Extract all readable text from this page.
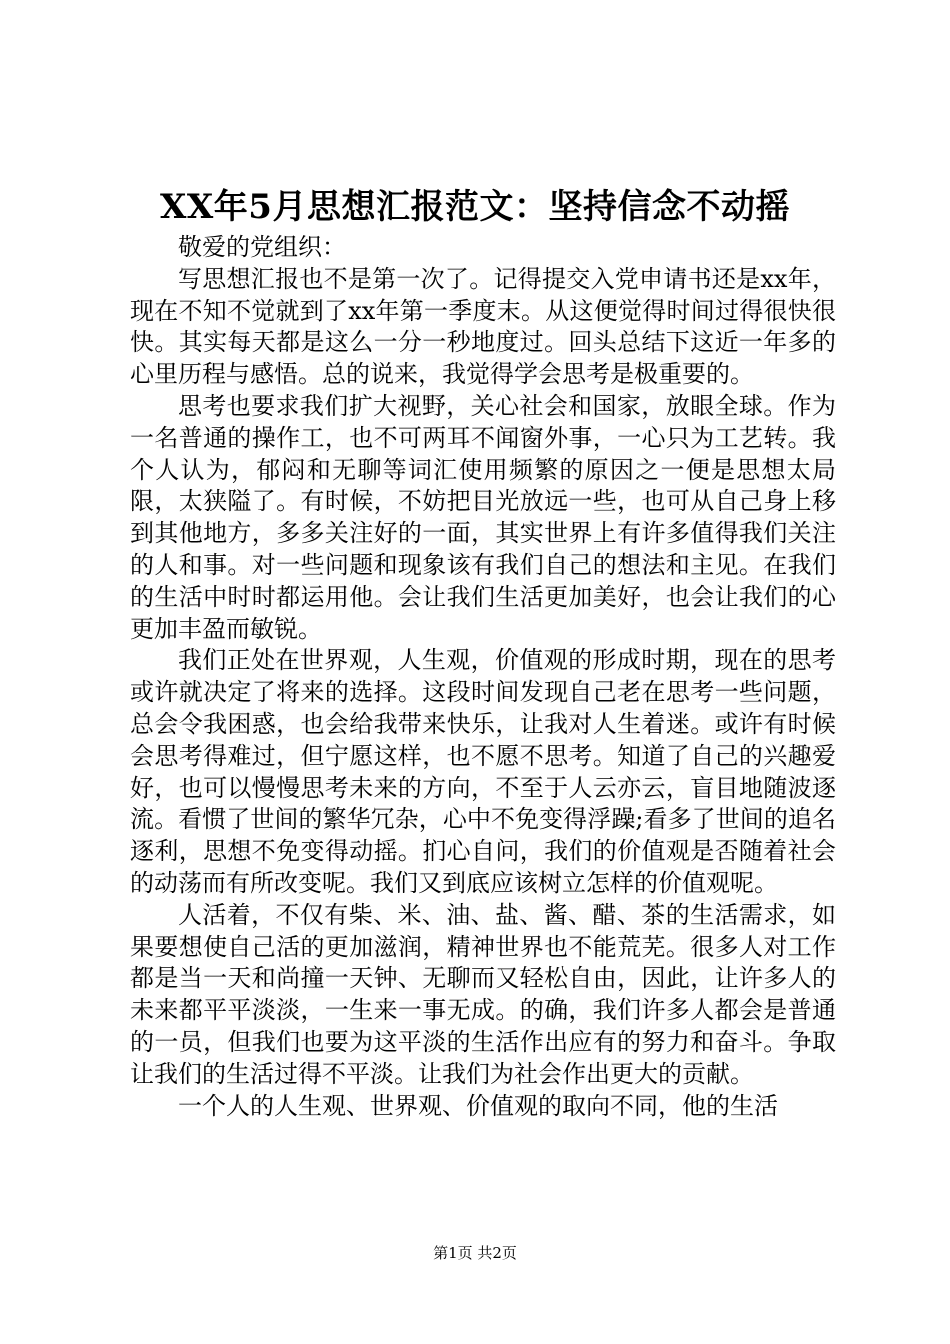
XX年5月思想汇报范文：坚持信念不动摇

敬爱的党组织：

写思想汇报也不是第一次了。记得提交入党申请书还是xx年，现在不知不觉就到了xx年第一季度末。从这便觉得时间过得很快很快。其实每天都是这么一分一秒地度过。回头总结下这近一年多的心里历程与感悟。总的说来，我觉得学会思考是极重要的。

思考也要求我们扩大视野，关心社会和国家，放眼全球。作为一名普通的操作工，也不可两耳不闻窗外事，一心只为工艺转。我个人认为，郁闷和无聊等词汇使用频繁的原因之一便是思想太局限，太狭隘了。有时候，不妨把目光放远一些，也可从自己身上移到其他地方，多多关注好的一面，其实世界上有许多值得我们关注的人和事。对一些问题和现象该有我们自己的想法和主见。在我们的生活中时时都运用他。会让我们生活更加美好，也会让我们的心更加丰盈而敏锐。

我们正处在世界观，人生观，价值观的形成时期，现在的思考或许就决定了将来的选择。这段时间发现自己老在思考一些问题，总会令我困惑，也会给我带来快乐，让我对人生着迷。或许有时候会思考得难过，但宁愿这样，也不愿不思考。知道了自己的兴趣爱好，也可以慢慢思考未来的方向，不至于人云亦云，盲目地随波逐流。看惯了世间的繁华冗杂，心中不免变得浮躁;看多了世间的追名逐利，思想不免变得动摇。扪心自问，我们的价值观是否随着社会的动荡而有所改变呢。我们又到底应该树立怎样的价值观呢。

人活着，不仅有柴、米、油、盐、酱、醋、茶的生活需求，如果要想使自己活的更加滋润，精神世界也不能荒芜。很多人对工作都是当一天和尚撞一天钟、无聊而又轻松自由，因此，让许多人的未来都平平淡淡，一生来一事无成。的确，我们许多人都会是普通的一员，但我们也要为这平淡的生活作出应有的努力和奋斗。争取让我们的生活过得不平淡。让我们为社会作出更大的贡献。

一个人的人生观、世界观、价值观的取向不同，他的生活

第1页 共2页
